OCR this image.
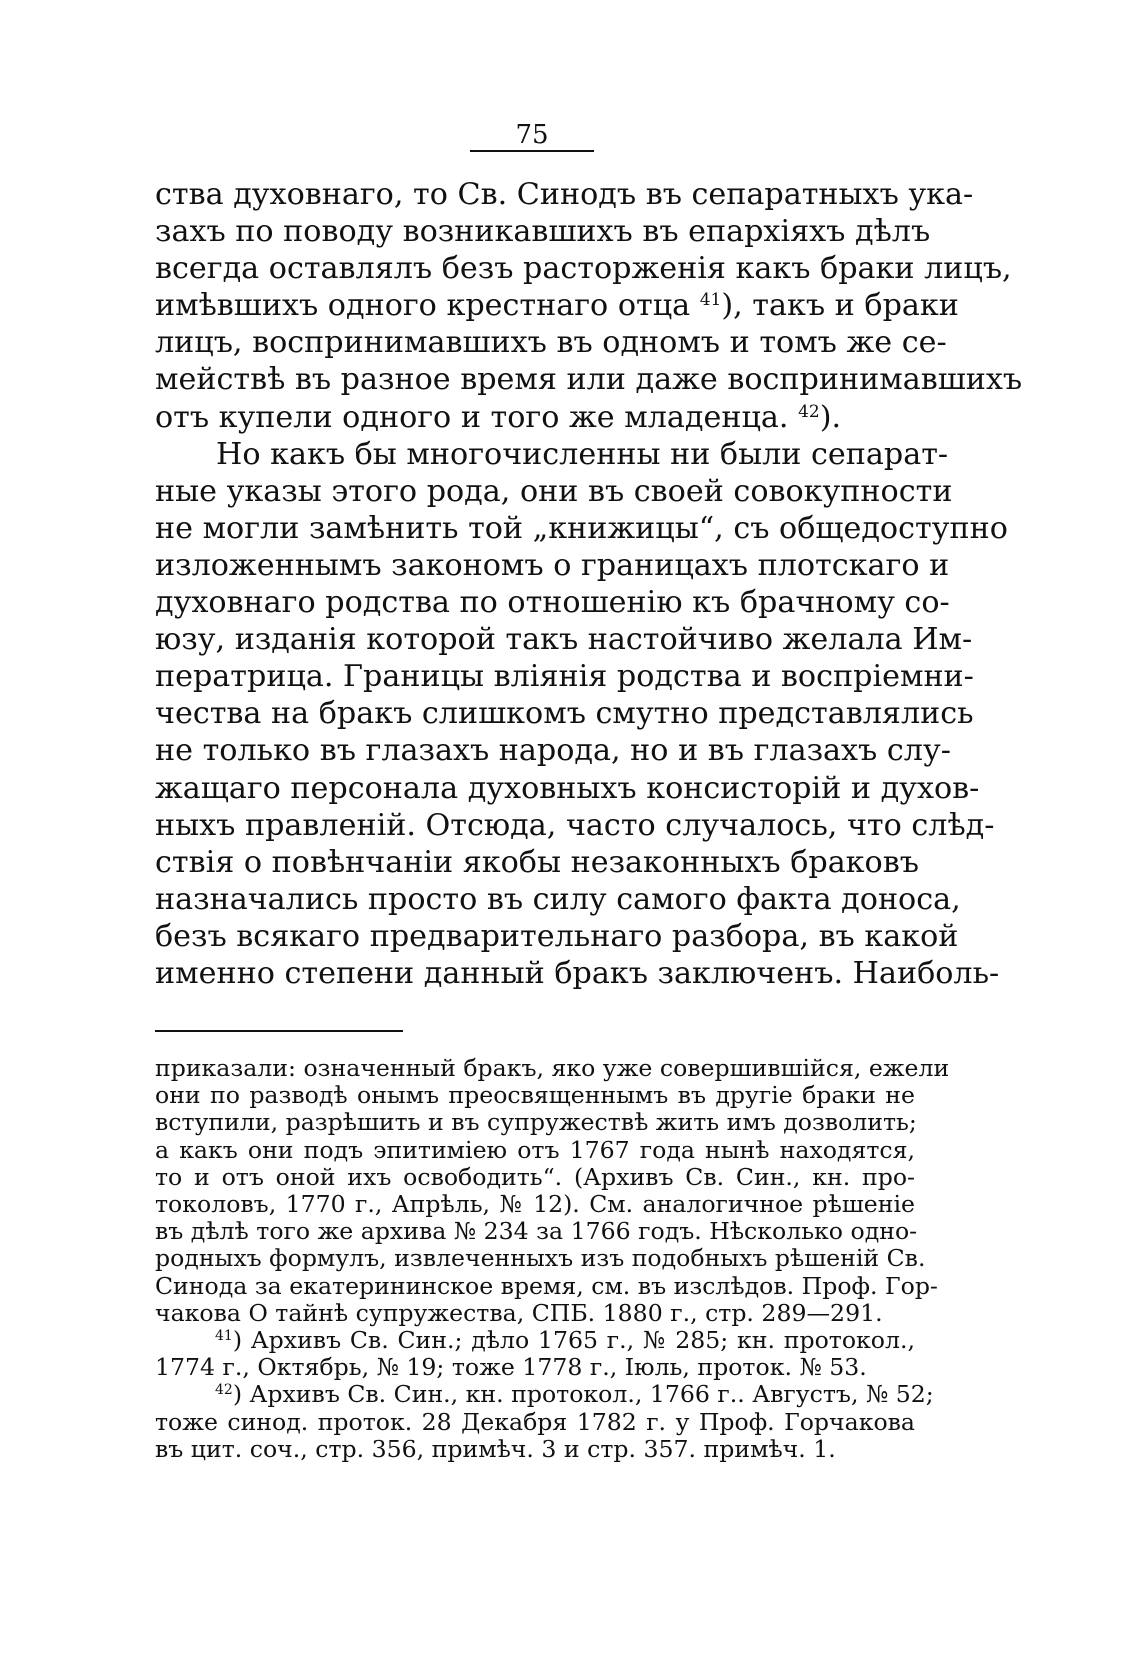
75
ства духовнаго, то Св. Синодъ въ сепаратныхъ ука-
захъ по поводу возникавшихъ въ епархіяхъ дѣлъ
всегда оставлялъ безъ расторженія какъ браки лицъ,
имѣвшихъ одного крестнаго отца $^{41}$), такъ и браки
лицъ, воспринимавшихъ въ одномъ и томъ же се-
мействѣ въ разное время или даже воспринимавшихъ
отъ купели одного и того же младенца. $^{42}$).
Но какъ бы многочисленны ни были сепарат-
ные указы этого рода, они въ своей совокупности
не могли замѣнить той „книжицы“, съ общедоступно
изложеннымъ закономъ о границахъ плотскаго и
духовнаго родства по отношенію къ брачному со-
юзу, изданія которой такъ настойчиво желала Им-
ператрица. Границы вліянія родства и воспріемни-
чества на бракъ слишкомъ смутно представлялись
не только въ глазахъ народа, но и въ глазахъ слу-
жащаго персонала духовныхъ консисторій и духов-
ныхъ правленій. Отсюда, часто случалось, что слѣд-
ствія о повѣнчаніи якобы незаконныхъ браковъ
назначались просто въ силу самого факта доноса,
безъ всякаго предварительнаго разбора, въ какой
именно степени данный бракъ заключенъ. Наиболь-
приказали: означенный бракъ, яко уже совершившійся, ежели
они по разводѣ онымъ преосвященнымъ въ другіе браки не
вступили, разрѣшить и въ супружествѣ жить имъ дозволить;
а какъ они подъ эпитиміею отъ 1767 года нынѣ находятся,
то и отъ оной ихъ освободить“. (Архивъ Св. Син., кн. про-
токоловъ, 1770 г., Апрѣль, № 12). См. аналогичное рѣшеніе
въ дѣлѣ того же архива № 234 за 1766 годъ. Нѣсколько одно-
родныхъ формулъ, извлеченныхъ изъ подобныхъ рѣшеній Св.
Синода за екатерининское время, см. въ изслѣдов. Проф. Гор-
чакова О тайнѣ супружества, СПБ. 1880 г., стр. 289—291.
$^{41}$) Архивъ Св. Син.; дѣло 1765 г., № 285; кн. протокол.,
1774 г., Октябрь, № 19; тоже 1778 г., Іюль, проток. № 53.
$^{42}$) Архивъ Св. Син., кн. протокол., 1766 г.. Августъ, № 52;
тоже синод. проток. 28 Декабря 1782 г. у Проф. Горчакова
въ цит. соч., стр. 356, примѣч. 3 и стр. 357. примѣч. 1.
